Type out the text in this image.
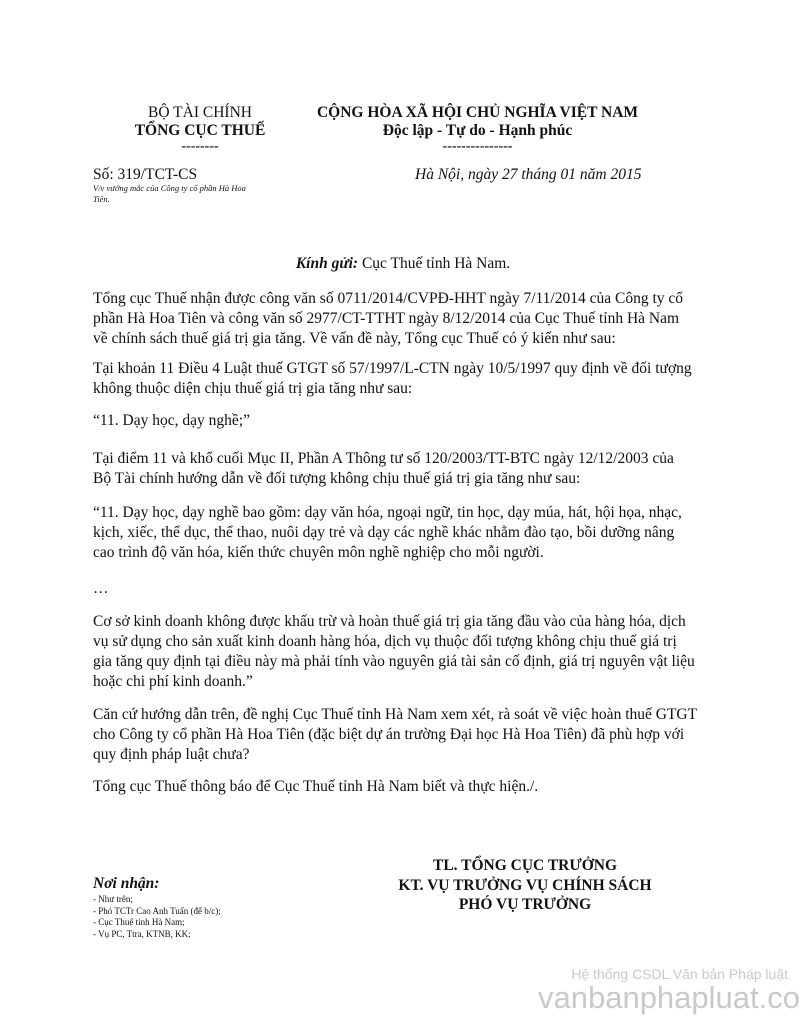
BỘ TÀI CHÍNH
TỔNG CỤC THUẾ
--------
Số: 319/TCT-CS
V/v vướng mắc của Công ty cổ phần Hà Hoa
Tiên.
CỘNG HÒA XÃ HỘI CHỦ NGHĨA VIỆT NAM
Độc lập - Tự do - Hạnh phúc
---------------
Hà Nội, ngày 27 tháng 01 năm 2015
Kính gửi: Cục Thuế tỉnh Hà Nam.
Tổng cục Thuế nhận được công văn số 0711/2014/CVPĐ-HHT ngày 7/11/2014 của Công ty cổ
phần Hà Hoa Tiên và công văn số 2977/CT-TTHT ngày 8/12/2014 của Cục Thuế tỉnh Hà Nam
về chính sách thuế giá trị gia tăng. Về vấn đề này, Tổng cục Thuế có ý kiến như sau:
Tại khoản 11 Điều 4 Luật thuế GTGT số 57/1997/L-CTN ngày 10/5/1997 quy định về đối tượng
không thuộc diện chịu thuế giá trị gia tăng như sau:
“11. Dạy học, dạy nghề;”
Tại điểm 11 và khổ cuối Mục II, Phần A Thông tư số 120/2003/TT-BTC ngày 12/12/2003 của
Bộ Tài chính hướng dẫn về đối tượng không chịu thuế giá trị gia tăng như sau:
“11. Dạy học, dạy nghề bao gồm: dạy văn hóa, ngoại ngữ, tin học, dạy múa, hát, hội họa, nhạc,
kịch, xiếc, thể dục, thể thao, nuôi dạy trẻ và dạy các nghề khác nhằm đào tạo, bồi dưỡng nâng
cao trình độ văn hóa, kiến thức chuyên môn nghề nghiệp cho mỗi người.
…
Cơ sở kinh doanh không được khấu trừ và hoàn thuế giá trị gia tăng đầu vào của hàng hóa, dịch
vụ sử dụng cho sản xuất kinh doanh hàng hóa, dịch vụ thuộc đối tượng không chịu thuế giá trị
gia tăng quy định tại điều này mà phải tính vào nguyên giá tài sản cố định, giá trị nguyên vật liệu
hoặc chi phí kinh doanh.”
Căn cứ hướng dẫn trên, đề nghị Cục Thuế tỉnh Hà Nam xem xét, rà soát về việc hoàn thuế GTGT
cho Công ty cổ phần Hà Hoa Tiên (đặc biệt dự án trường Đại học Hà Hoa Tiên) đã phù hợp với
quy định pháp luật chưa?
Tổng cục Thuế thông báo để Cục Thuế tỉnh Hà Nam biết và thực hiện./.
Nơi nhận:
- Như trên;
- Phó TCTr Cao Anh Tuấn (để b/c);
- Cục Thuế tỉnh Hà Nam;
- Vụ PC, Ttra, KTNB, KK;
TL. TỔNG CỤC TRƯỞNG
KT. VỤ TRƯỞNG VỤ CHÍNH SÁCH
PHÓ VỤ TRƯỞNG
Hệ thống CSDL Văn bản Pháp luật
vanbanphapluat.co
